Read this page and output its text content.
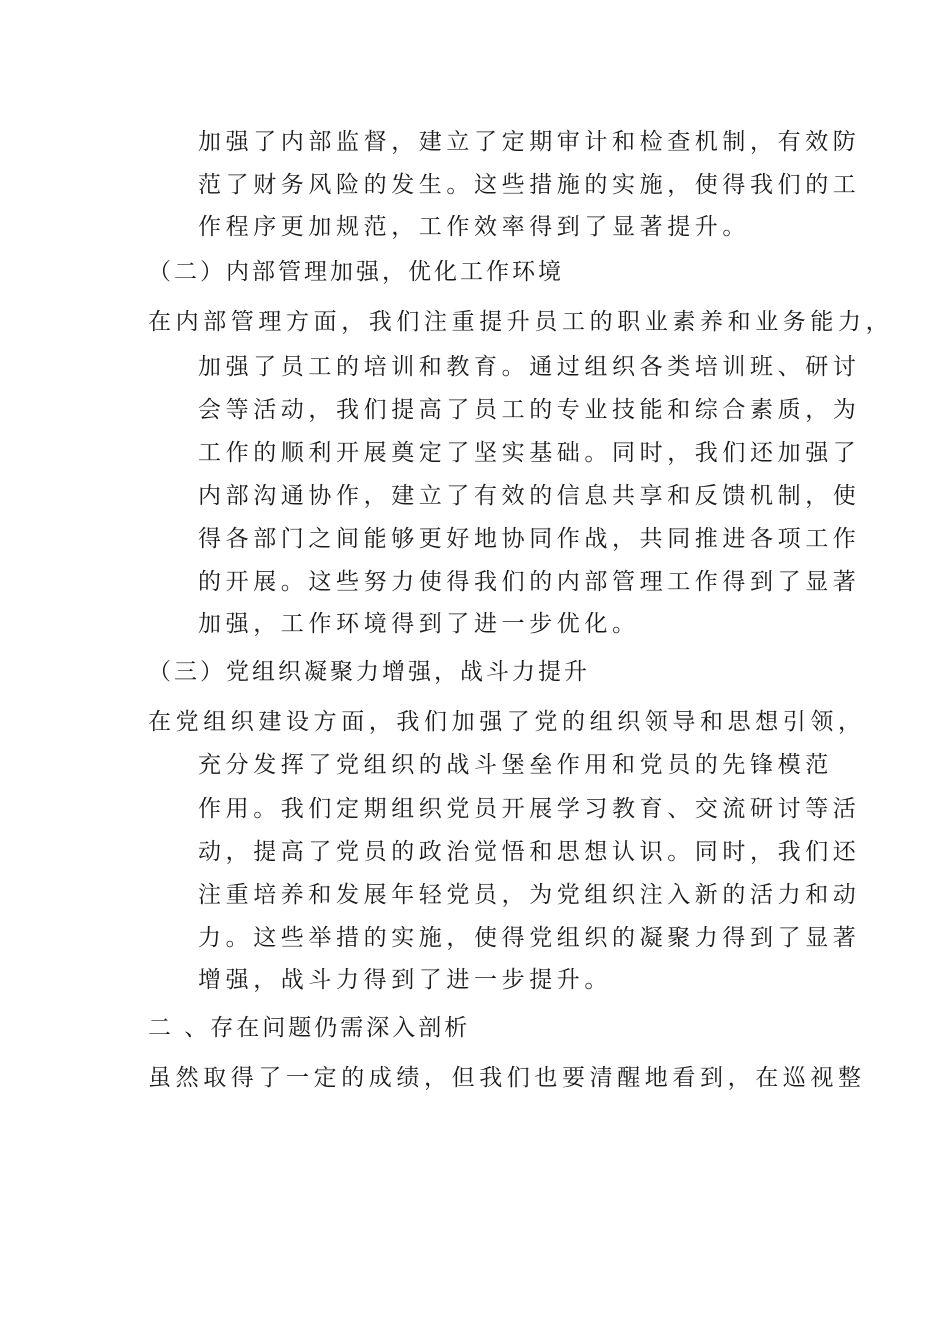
加强了内部监督，建立了定期审计和检查机制，有效防
范了财务风险的发生。这些措施的实施，使得我们的工
作程序更加规范，工作效率得到了显著提升。
（二）内部管理加强，优化工作环境
在内部管理方面，我们注重提升员工的职业素养和业务能力，
加强了员工的培训和教育。通过组织各类培训班、研讨
会等活动，我们提高了员工的专业技能和综合素质，为
工作的顺利开展奠定了坚实基础。同时，我们还加强了
内部沟通协作，建立了有效的信息共享和反馈机制，使
得各部门之间能够更好地协同作战，共同推进各项工作
的开展。这些努力使得我们的内部管理工作得到了显著
加强，工作环境得到了进一步优化。
（三）党组织凝聚力增强，战斗力提升
在党组织建设方面，我们加强了党的组织领导和思想引领，
充分发挥了党组织的战斗堡垒作用和党员的先锋模范
作用。我们定期组织党员开展学习教育、交流研讨等活
动，提高了党员的政治觉悟和思想认识。同时，我们还
注重培养和发展年轻党员，为党组织注入新的活力和动
力。这些举措的实施，使得党组织的凝聚力得到了显著
增强，战斗力得到了进一步提升。
二 、存在问题仍需深入剖析
虽然取得了一定的成绩，但我们也要清醒地看到，在巡视整
